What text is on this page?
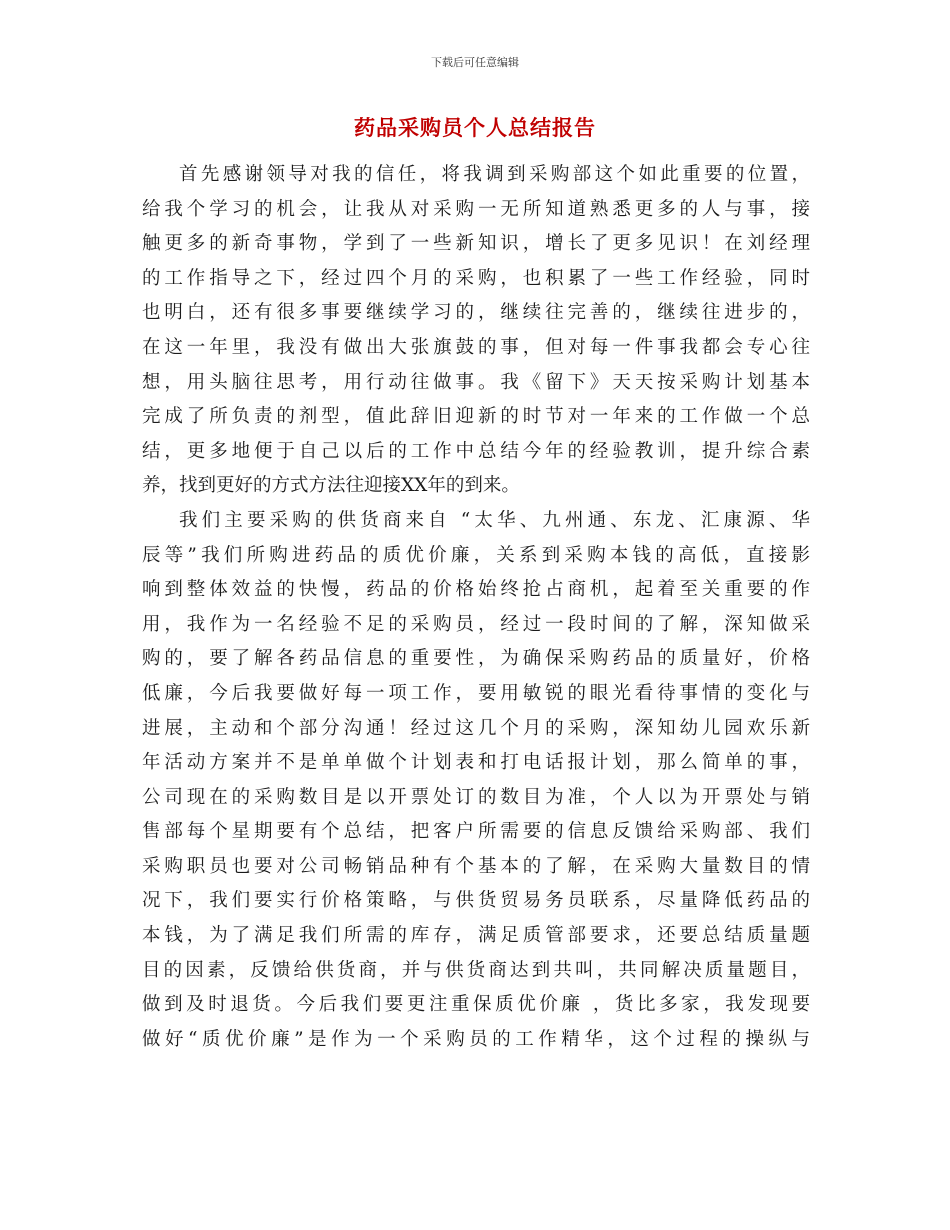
下载后可任意编辑
药品采购员个人总结报告
首先感谢领导对我的信任，将我调到采购部这个如此重要的位置，
给我个学习的机会，让我从对采购一无所知道熟悉更多的人与事，接
触更多的新奇事物，学到了一些新知识，增长了更多见识！在刘经理
的工作指导之下，经过四个月的采购，也积累了一些工作经验，同时
也明白，还有很多事要继续学习的，继续往完善的，继续往进步的，
在这一年里，我没有做出大张旗鼓的事，但对每一件事我都会专心往
想，用头脑往思考，用行动往做事。我《留下》天天按采购计划基本
完成了所负责的剂型，值此辞旧迎新的时节对一年来的工作做一个总
结，更多地便于自己以后的工作中总结今年的经验教训，提升综合素
养，找到更好的方式方法往迎接XX年的到来。
我们主要采购的供货商来自 “太华、九州通、东龙、汇康源、华
辰等”我们所购进药品的质优价廉，关系到采购本钱的高低，直接影
响到整体效益的快慢，药品的价格始终抢占商机，起着至关重要的作
用，我作为一名经验不足的采购员，经过一段时间的了解，深知做采
购的，要了解各药品信息的重要性，为确保采购药品的质量好，价格
低廉，今后我要做好每一项工作，要用敏锐的眼光看待事情的变化与
进展，主动和个部分沟通！经过这几个月的采购，深知幼儿园欢乐新
年活动方案并不是单单做个计划表和打电话报计划，那么简单的事，
公司现在的采购数目是以开票处订的数目为准，个人以为开票处与销
售部每个星期要有个总结，把客户所需要的信息反馈给采购部、我们
采购职员也要对公司畅销品种有个基本的了解，在采购大量数目的情
况下，我们要实行价格策略，与供货贸易务员联系，尽量降低药品的
本钱，为了满足我们所需的库存，满足质管部要求，还要总结质量题
目的因素，反馈给供货商，并与供货商达到共叫，共同解决质量题目，
做到及时退货。今后我们要更注重保质优价廉 ，货比多家，我发现要
做好“质优价廉”是作为一个采购员的工作精华，这个过程的操纵与
